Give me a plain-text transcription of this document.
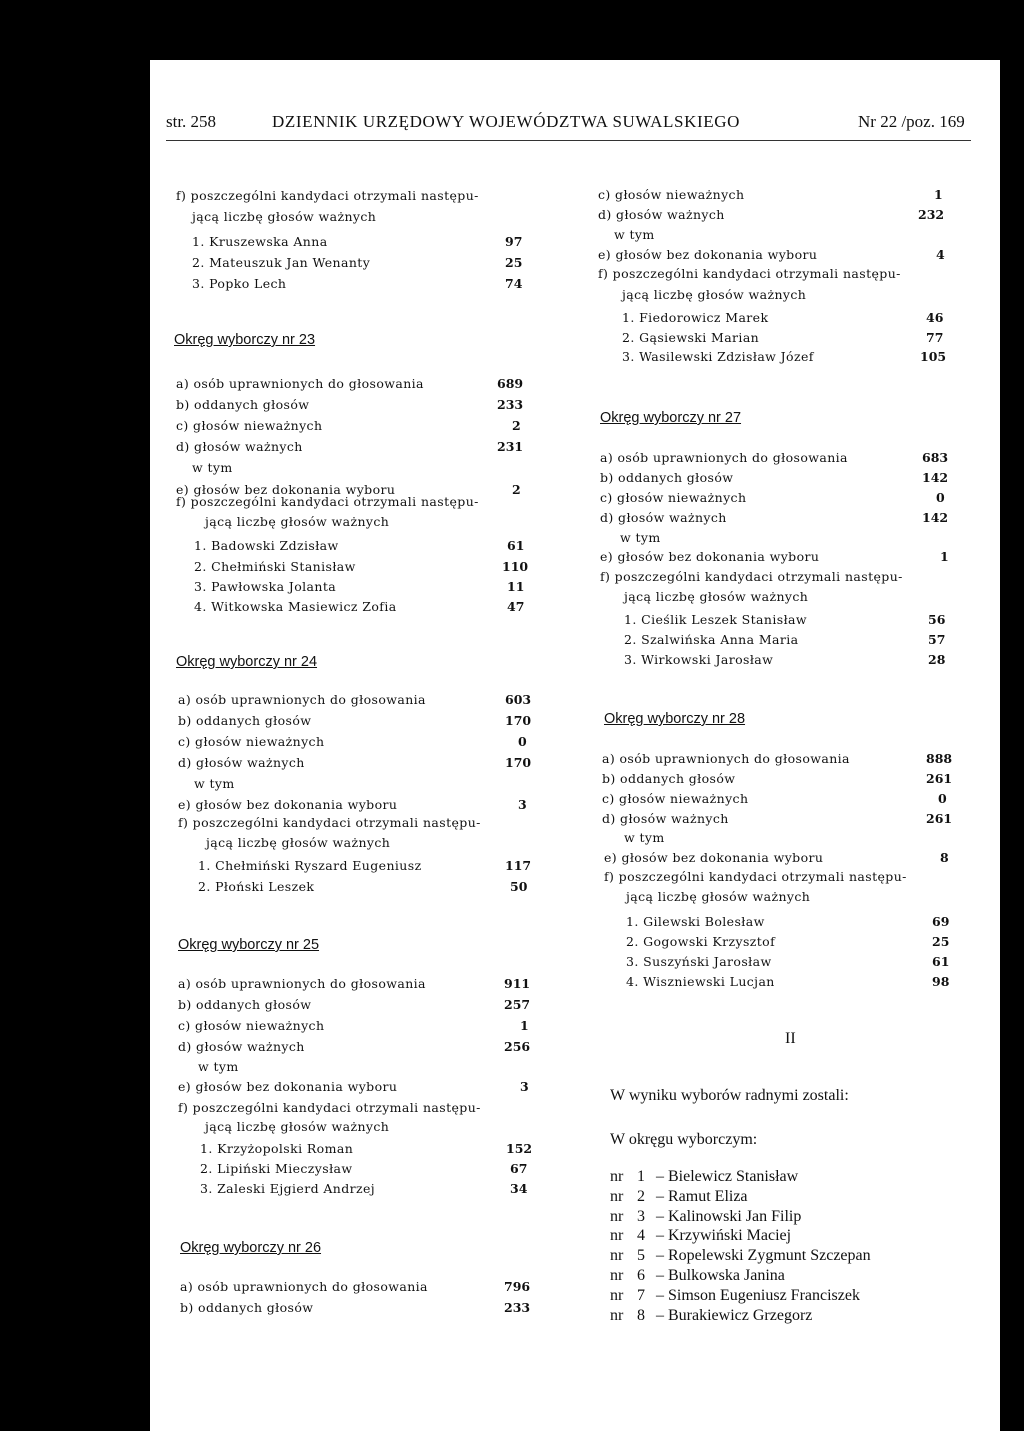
str. 258	DZIENNIK URZĘDOWY WOJEWÓDZTWA SUWALSKIEGO	Nr 22 /poz. 169
f) poszczególni kandydaci otrzymali następu-
jącą liczbę głosów ważnych
1. Kruszewska Anna	97
2. Mateuszuk Jan Wenanty	25
3. Popko Lech	74
Okręg wyborczy nr 23
a) osób uprawnionych do głosowania	689
b) oddanych głosów	233
c) głosów nieważnych	2
d) głosów ważnych	231
w tym
e) głosów bez dokonania wyboru	2
f) poszczególni kandydaci otrzymali następu-
jącą liczbę głosów ważnych
1. Badowski Zdzisław	61
2. Chełmiński Stanisław	110
3. Pawłowska Jolanta	11
4. Witkowska Masiewicz Zofia	47
Okręg wyborczy nr 24
a) osób uprawnionych do głosowania	603
b) oddanych głosów	170
c) głosów nieważnych	0
d) głosów ważnych	170
w tym
e) głosów bez dokonania wyboru	3
f) poszczególni kandydaci otrzymali następu-
jącą liczbę głosów ważnych
1. Chełmiński Ryszard Eugeniusz	117
2. Płoński Leszek	50
Okręg wyborczy nr 25
a) osób uprawnionych do głosowania	911
b) oddanych głosów	257
c) głosów nieważnych	1
d) głosów ważnych	256
w tym
e) głosów bez dokonania wyboru	3
f) poszczególni kandydaci otrzymali następu-
jącą liczbę głosów ważnych
1. Krzyżopolski Roman	152
2. Lipiński Mieczysław	67
3. Zaleski Ejgierd Andrzej	34
Okręg wyborczy nr 26
a) osób uprawnionych do głosowania	796
b) oddanych głosów	233
c) głosów nieważnych	1
d) głosów ważnych	232
w tym
e) głosów bez dokonania wyboru	4
f) poszczególni kandydaci otrzymali następu-
jącą liczbę głosów ważnych
1. Fiedorowicz Marek	46
2. Gąsiewski Marian	77
3. Wasilewski Zdzisław Józef	105
Okręg wyborczy nr 27
a) osób uprawnionych do głosowania	683
b) oddanych głosów	142
c) głosów nieważnych	0
d) głosów ważnych	142
w tym
e) głosów bez dokonania wyboru	1
f) poszczególni kandydaci otrzymali następu-
jącą liczbę głosów ważnych
1. Cieślik Leszek Stanisław	56
2. Szalwińska Anna Maria	57
3. Wirkowski Jarosław	28
Okręg wyborczy nr 28
a) osób uprawnionych do głosowania	888
b) oddanych głosów	261
c) głosów nieważnych	0
d) głosów ważnych	261
w tym
e) głosów bez dokonania wyboru	8
f) poszczególni kandydaci otrzymali następu-
jącą liczbę głosów ważnych
1. Gilewski Bolesław	69
2. Gogowski Krzysztof	25
3. Suszyński Jarosław	61
4. Wiszniewski Lucjan	98
II
W wyniku wyborów radnymi zostali:
W okręgu wyborczym:
nr 1 – Bielewicz Stanisław
nr 2 – Ramut Eliza
nr 3 – Kalinowski Jan Filip
nr 4 – Krzywiński Maciej
nr 5 – Ropelewski Zygmunt Szczepan
nr 6 – Bulkowska Janina
nr 7 – Simson Eugeniusz Franciszek
nr 8 – Burakiewicz Grzegorz
